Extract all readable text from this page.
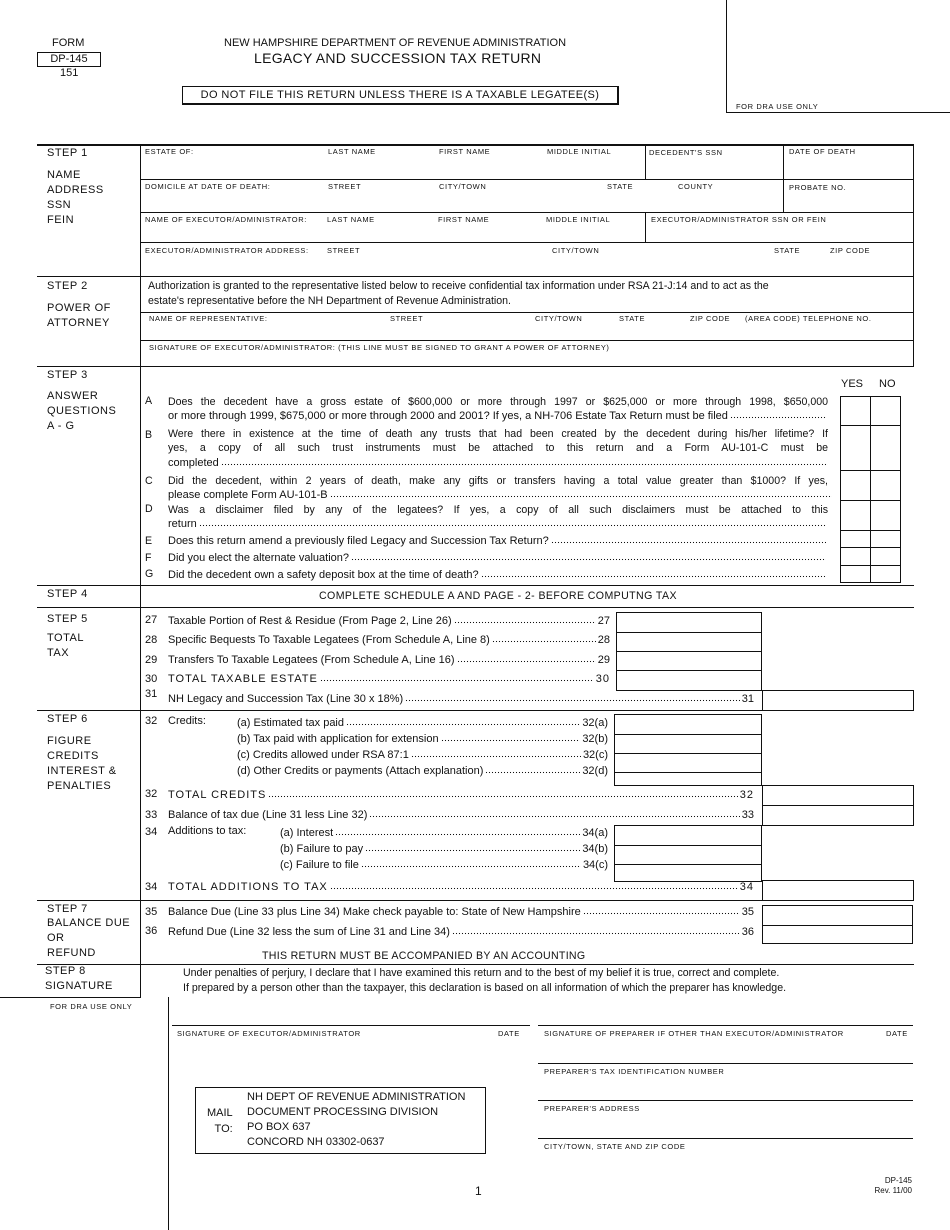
FORM
DP-145
151
NEW HAMPSHIRE DEPARTMENT OF REVENUE ADMINISTRATION
LEGACY AND SUCCESSION TAX RETURN
DO NOT FILE THIS RETURN UNLESS THERE IS A TAXABLE LEGATEE(S)
FOR DRA USE ONLY
STEP 1
NAME
ADDRESS
SSN
FEIN
ESTATE OF:	LAST NAME	FIRST NAME	MIDDLE INITIAL	DECEDENT'S SSN	DATE OF DEATH
DOMICILE AT DATE OF DEATH:	STREET	CITY/TOWN	STATE	COUNTY	PROBATE NO.
NAME OF EXECUTOR/ADMINISTRATOR:	LAST NAME	FIRST NAME	MIDDLE INITIAL	EXECUTOR/ADMINISTRATOR SSN OR FEIN
EXECUTOR/ADMINISTRATOR ADDRESS: STREET	CITY/TOWN	STATE	ZIP CODE
STEP 2
POWER OF
ATTORNEY
Authorization is granted to the representative listed below to receive confidential tax information under RSA 21-J:14 and to act as the
estate's representative before the NH Department of Revenue Administration.
NAME OF REPRESENTATIVE:	STREET	CITY/TOWN	STATE	ZIP CODE (AREA CODE) TELEPHONE NO.
SIGNATURE OF EXECUTOR/ADMINISTRATOR: (THIS LINE MUST BE SIGNED TO GRANT A POWER OF ATTORNEY)
STEP 3
ANSWER
QUESTIONS
A - G
YES NO
A Does the decedent have a gross estate of $600,000 or more through 1997 or $625,000 or more through 1998, $650,000
or more through 1999, $675,000 or more through 2000 and 2001? If yes, a NH-706 Estate Tax Return must be filed
B Were there in existence at the time of death any trusts that had been created by the decedent during his/her lifetime? If
yes, a copy of all such trust instruments must be attached to this return and a Form AU-101-C must be
completed
C Did the decedent, within 2 years of death, make any gifts or transfers having a total value greater than $1000? If yes,
please complete Form AU-101-B
D Was a disclaimer filed by any of the legatees? If yes, a copy of all such disclaimers must be attached to this
return
E Does this return amend a previously filed Legacy and Succession Tax Return?
F Did you elect the alternate valuation?
G Did the decedent own a safety deposit box at the time of death?
STEP 4	COMPLETE SCHEDULE A AND PAGE - 2- BEFORE COMPUTNG TAX
STEP 5
TOTAL
TAX
27 Taxable Portion of Rest & Residue (From Page 2, Line 26)	27
28 Specific Bequests To Taxable Legatees (From Schedule A, Line 8)	28
29 Transfers To Taxable Legatees (From Schedule A, Line 16)	29
30 TOTAL TAXABLE ESTATE	30
31 NH Legacy and Succession Tax (Line 30 x 18%)	31
STEP 6
FIGURE
CREDITS
INTEREST &
PENALTIES
32 Credits:	(a) Estimated tax paid	32(a)
(b) Tax paid with application for extension	32(b)
(c) Credits allowed under RSA 87:1	32(c)
(d) Other Credits or payments (Attach explanation)	32(d)
32 TOTAL CREDITS	32
33 Balance of tax due (Line 31 less Line 32)	33
34 Additions to tax:	(a) Interest	34(a)
(b) Failure to pay	34(b)
(c) Failure to file	34(c)
34 TOTAL ADDITIONS TO TAX	34
STEP 7
BALANCE DUE
OR
REFUND
35 Balance Due (Line 33 plus Line 34) Make check payable to: State of New Hampshire	35
36 Refund Due (Line 32 less the sum of Line 31 and Line 34)	36
THIS RETURN MUST BE ACCOMPANIED BY AN ACCOUNTING
STEP 8
SIGNATURE
Under penalties of perjury, I declare that I have examined this return and to the best of my belief it is true, correct and complete.
If prepared by a person other than the taxpayer, this declaration is based on all information of which the preparer has knowledge.
FOR DRA USE ONLY
SIGNATURE OF EXECUTOR/ADMINISTRATOR	DATE	SIGNATURE OF PREPARER IF OTHER THAN EXECUTOR/ADMINISTRATOR	DATE
PREPARER'S TAX IDENTIFICATION NUMBER
PREPARER'S ADDRESS
CITY/TOWN, STATE AND ZIP CODE
MAIL
TO:
NH DEPT OF REVENUE ADMINISTRATION
DOCUMENT PROCESSING DIVISION
PO BOX 637
CONCORD NH 03302-0637
1
DP-145
Rev. 11/00
